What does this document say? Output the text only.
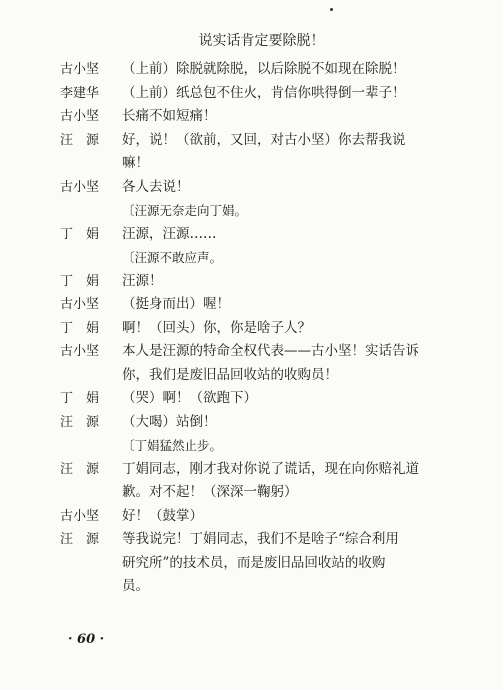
说实话肯定要除脱！
古小坚	（上前）除脱就除脱，以后除脱不如现在除脱！
李建华	（上前）纸总包不住火，肯信你哄得倒一辈子！
古小坚	长痛不如短痛！
汪　源	好，说！（欲前，又回，对古小坚）你去帮我说
嘛！
古小坚	各人去说！
〔汪源无奈走向丁娟。
丁　娟	汪源，汪源……
〔汪源不敢应声。
丁　娟	汪源！
古小坚	（挺身而出）喔！
丁　娟	啊！（回头）你，你是啥子人？
古小坚	本人是汪源的特命全权代表——古小坚！实话告诉
你，我们是废旧品回收站的收购员！
丁　娟	（哭）啊！（欲跑下）
汪　源	（大喝）站倒！
〔丁娟猛然止步。
汪　源	丁娟同志，刚才我对你说了谎话，现在向你赔礼道
歉。对不起！（深深一鞠躬）
古小坚	好！（鼓掌）
汪　源	等我说完！丁娟同志，我们不是啥子“综合利用
研究所”的技术员，而是废旧品回收站的收购
员。
· 60 ·
